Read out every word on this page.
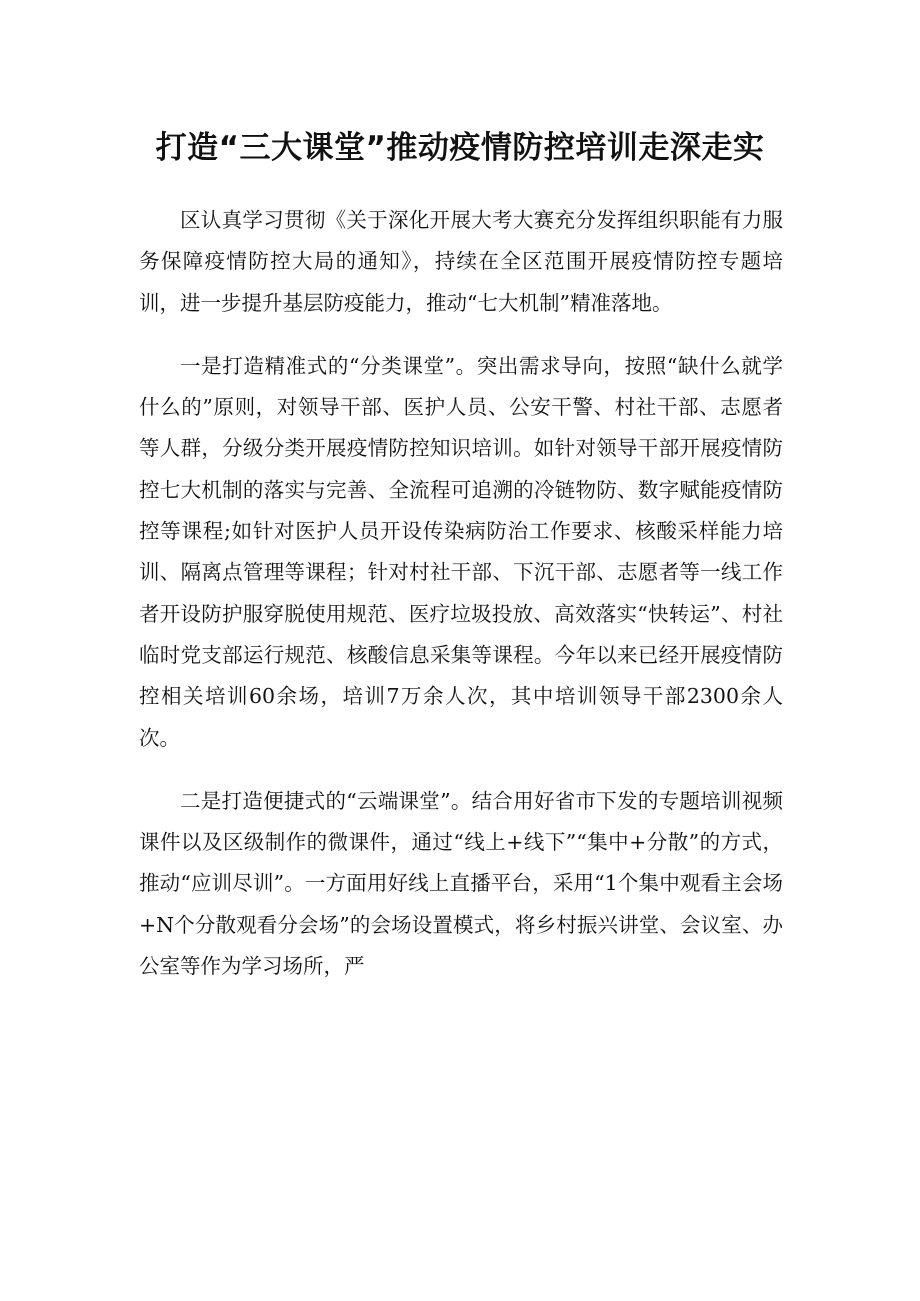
打造“三大课堂”推动疫情防控培训走深走实

区认真学习贯彻《关于深化开展大考大赛充分发挥组织职能有力服务保障疫情防控大局的通知》，持续在全区范围开展疫情防控专题培训，进一步提升基层防疫能力，推动“七大机制”精准落地。

一是打造精准式的“分类课堂”。突出需求导向，按照“缺什么就学什么的”原则，对领导干部、医护人员、公安干警、村社干部、志愿者等人群，分级分类开展疫情防控知识培训。如针对领导干部开展疫情防控七大机制的落实与完善、全流程可追溯的冷链物防、数字赋能疫情防控等课程;如针对医护人员开设传染病防治工作要求、核酸采样能力培训、隔离点管理等课程；针对村社干部、下沉干部、志愿者等一线工作者开设防护服穿脱使用规范、医疗垃圾投放、高效落实“快转运”、村社临时党支部运行规范、核酸信息采集等课程。今年以来已经开展疫情防控相关培训60余场，培训7万余人次，其中培训领导干部2300余人次。

二是打造便捷式的“云端课堂”。结合用好省市下发的专题培训视频课件以及区级制作的微课件，通过“线上+线下”“集中+分散”的方式，推动“应训尽训”。一方面用好线上直播平台，采用“1个集中观看主会场+N个分散观看分会场”的会场设置模式，将乡村振兴讲堂、会议室、办公室等作为学习场所，严
